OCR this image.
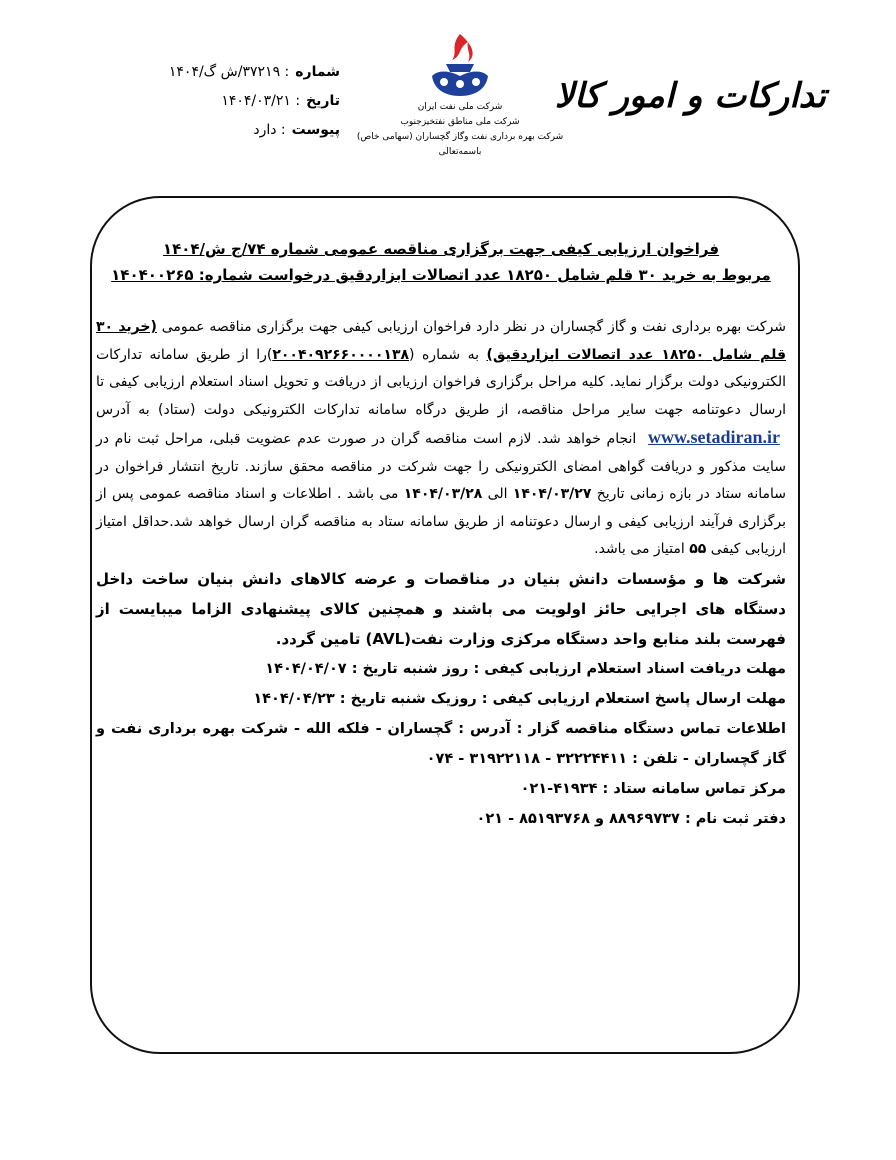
تدارکات و امور کالا
شرکت ملی نفت ایران
شرکت ملی مناطق نفتخیزجنوب
شرکت بهره برداری نفت وگاز گچساران (سهامی خاص)
باسمه‌تعالی
شماره
: ۳۷۲۱۹/ش گ/۱۴۰۴
تاریخ
: ۱۴۰۴/۰۳/۲۱
پیوست
: دارد
فراخوان ارزیابی کیفی جهت برگزاری مناقصه عمومی شماره ۷۴/ج ش/۱۴۰۴
مربوط به خرید ۳۰ قلم شامل ۱۸۲۵۰ عدد اتصالات ابزاردقیق درخواست شماره: ۱۴۰۴۰۰۲۶۵
شرکت بهره برداری نفت و گاز گچساران در نظر دارد فراخوان ارزیابی کیفی جهت برگزاری مناقصه عمومی (خرید ۳۰ قلم شامل ۱۸۲۵۰ عدد اتصالات ابزاردقیق) به شماره (۲۰۰۴۰۹۲۶۶۰۰۰۰۱۳۸)را از طریق سامانه تدارکات الکترونیکی دولت برگزار نماید. کلیه مراحل برگزاری فراخوان ارزیابی از دریافت و تحویل اسناد استعلام ارزیابی کیفی تا ارسال دعوتنامه جهت سایر مراحل مناقصه، از طریق درگاه سامانه تدارکات الکترونیکی دولت (ستاد) به آدرس www.setadiran.ir انجام خواهد شد. لازم است مناقصه گران در صورت عدم عضویت قبلی، مراحل ثبت نام در سایت مذکور و دریافت گواهی امضای الکترونیکی را جهت شرکت در مناقصه محقق سازند. تاریخ انتشار فراخوان در سامانه ستاد در بازه زمانی تاریخ ۱۴۰۴/۰۳/۲۷ الی ۱۴۰۴/۰۳/۲۸ می باشد . اطلاعات و اسناد مناقصه عمومی پس از برگزاری فرآیند ارزیابی کیفی و ارسال دعوتنامه از طریق سامانه ستاد به مناقصه گران ارسال خواهد شد.حداقل امتیاز ارزیابی کیفی ۵۵ امتیاز می باشد.
شرکت ها و مؤسسات دانش بنیان در مناقصات و عرضه کالاهای دانش بنیان ساخت داخل دستگاه های اجرایی حائز اولویت می باشند و همچنین کالای پیشنهادی الزاما میبایست از فهرست بلند منابع واحد دستگاه مرکزی وزارت نفت(AVL) تامین گردد.
مهلت دریافت اسناد استعلام ارزیابی کیفی : روز شنبه تاریخ : ۱۴۰۴/۰۴/۰۷
مهلت ارسال پاسخ استعلام ارزیابی کیفی : روزیک شنبه تاریخ : ۱۴۰۴/۰۴/۲۳
اطلاعات تماس دستگاه مناقصه گزار : آدرس : گچساران - فلکه الله - شرکت بهره برداری نفت و گاز گچساران - تلفن : ۳۲۲۲۴۴۱۱ - ۳۱۹۲۲۱۱۸ - ۰۷۴
مرکز تماس سامانه ستاد : ۴۱۹۳۴-۰۲۱
دفتر ثبت نام : ۸۸۹۶۹۷۳۷ و ۸۵۱۹۳۷۶۸ - ۰۲۱
